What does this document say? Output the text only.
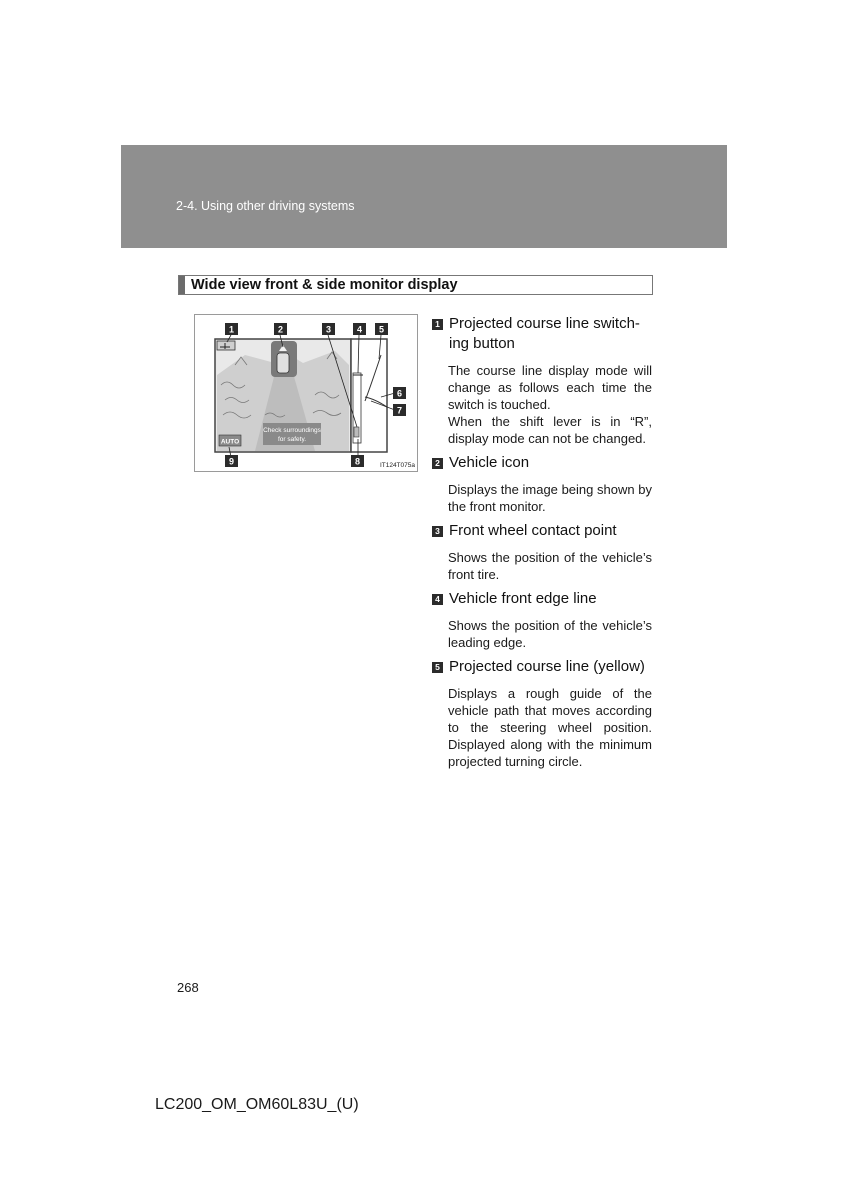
2-4. Using other driving systems
Wide view front & side monitor display
Check surroundings
for safety.
AUTO
1	2	3	4 5
6
7
8
9	IT124T075a
1 Projected course line switch-
ing button

The course line display mode will change as follows each time the switch is touched.

When the shift lever is in “R”, display mode can not be changed.

2 Vehicle icon

Displays the image being shown by the front monitor.

3 Front wheel contact point

Shows the position of the vehicle’s front tire.

4 Vehicle front edge line

Shows the position of the vehicle’s leading edge.

5 Projected course line (yellow)

Displays a rough guide of the vehicle path that moves according to the steering wheel position. Displayed along with the minimum projected turning circle.

268
LC200_OM_OM60L83U_(U)
